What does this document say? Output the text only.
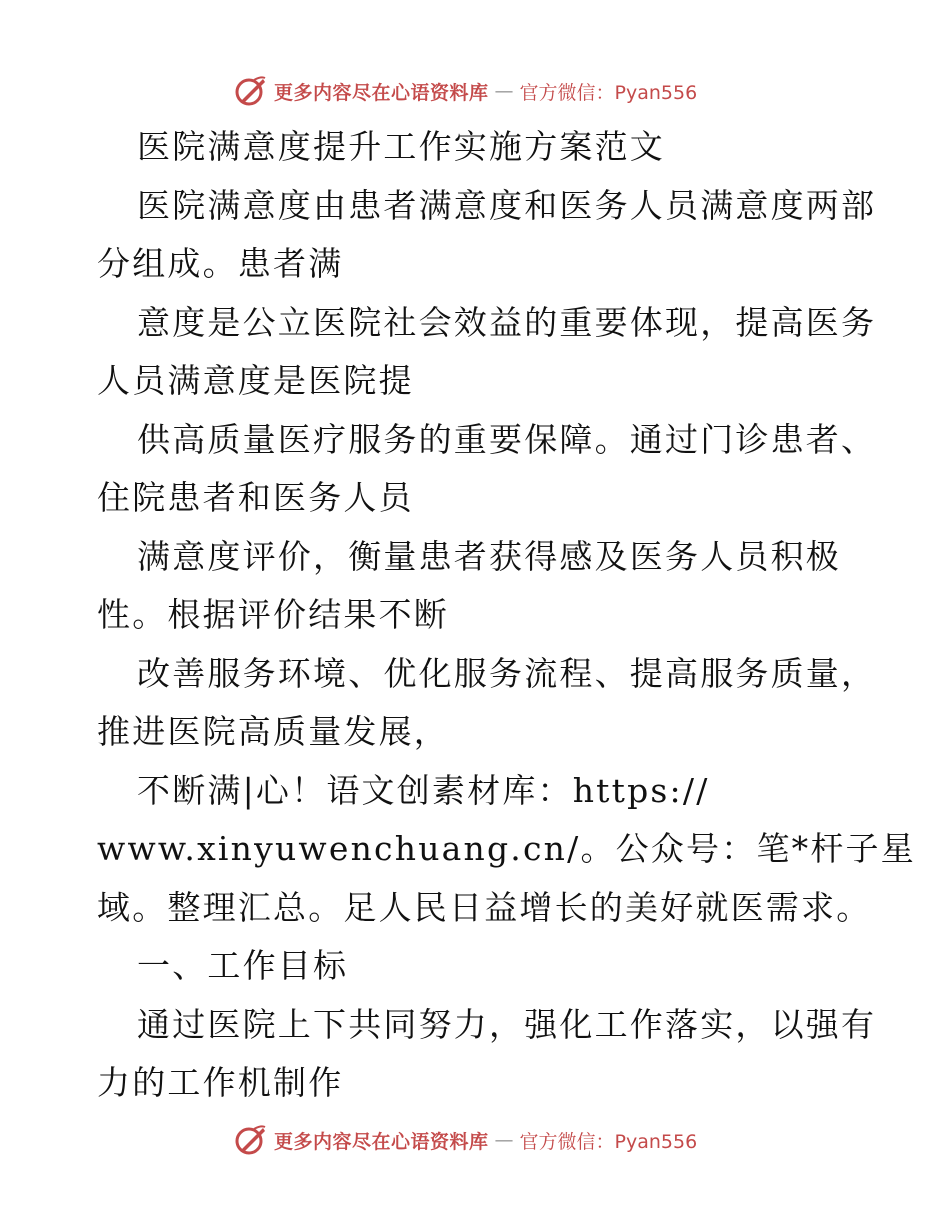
更多内容尽在心语资料库 — 官方微信：Pyan556
医院满意度提升工作实施方案范文
医院满意度由患者满意度和医务人员满意度两部
分组成。患者满
意度是公立医院社会效益的重要体现，提高医务
人员满意度是医院提
供高质量医疗服务的重要保障。通过门诊患者、
住院患者和医务人员
满意度评价，衡量患者获得感及医务人员积极
性。根据评价结果不断
改善服务环境、优化服务流程、提高服务质量，
推进医院高质量发展，
不断满|心！语文创素材库：https://
www.xinyuwenchuang.cn/。公众号：笔*杆子星
域。整理汇总。足人民日益增长的美好就医需求。
一、工作目标
通过医院上下共同努力，强化工作落实，以强有
力的工作机制作
更多内容尽在心语资料库 — 官方微信：Pyan556
